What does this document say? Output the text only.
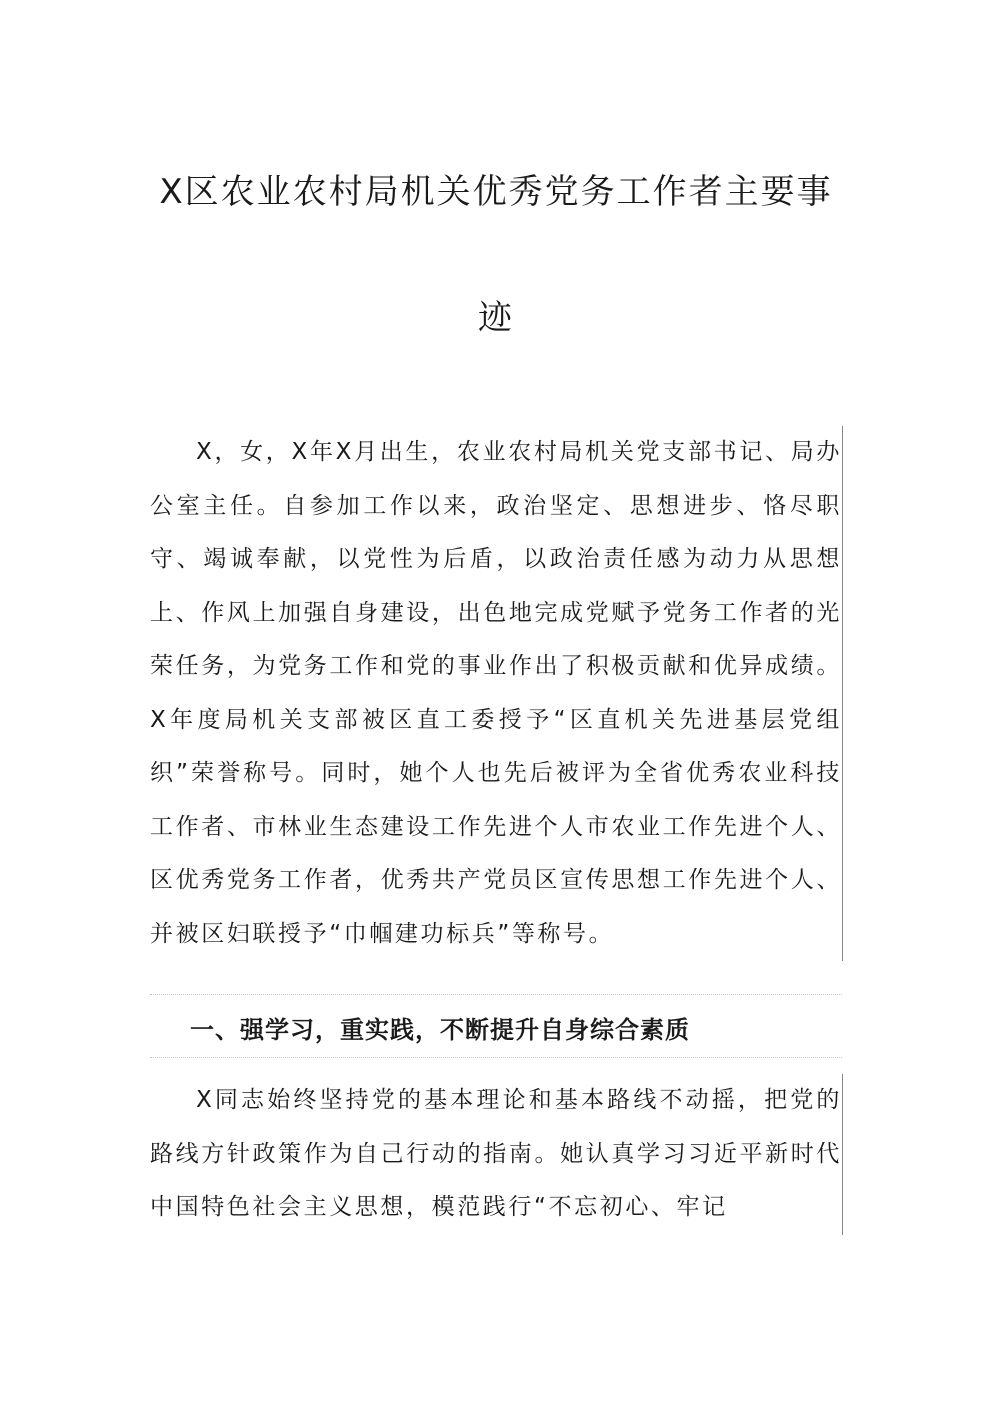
X区农业农村局机关优秀党务工作者主要事
迹

X，女，X年X月出生，农业农村局机关党支部书记、局办公室主任。自参加工作以来，政治坚定、思想进步、恪尽职守、竭诚奉献，以党性为后盾，以政治责任感为动力从思想上、作风上加强自身建设，出色地完成党赋予党务工作者的光荣任务，为党务工作和党的事业作出了积极贡献和优异成绩。X年度局机关支部被区直工委授予“区直机关先进基层党组织”荣誉称号。同时，她个人也先后被评为全省优秀农业科技工作者、市林业生态建设工作先进个人市农业工作先进个人、区优秀党务工作者，优秀共产党员区宣传思想工作先进个人、并被区妇联授予“巾帼建功标兵”等称号。

一、强学习，重实践，不断提升自身综合素质

X同志始终坚持党的基本理论和基本路线不动摇，把党的路线方针政策作为自己行动的指南。她认真学习习近平新时代中国特色社会主义思想，模范践行“不忘初心、牢记
